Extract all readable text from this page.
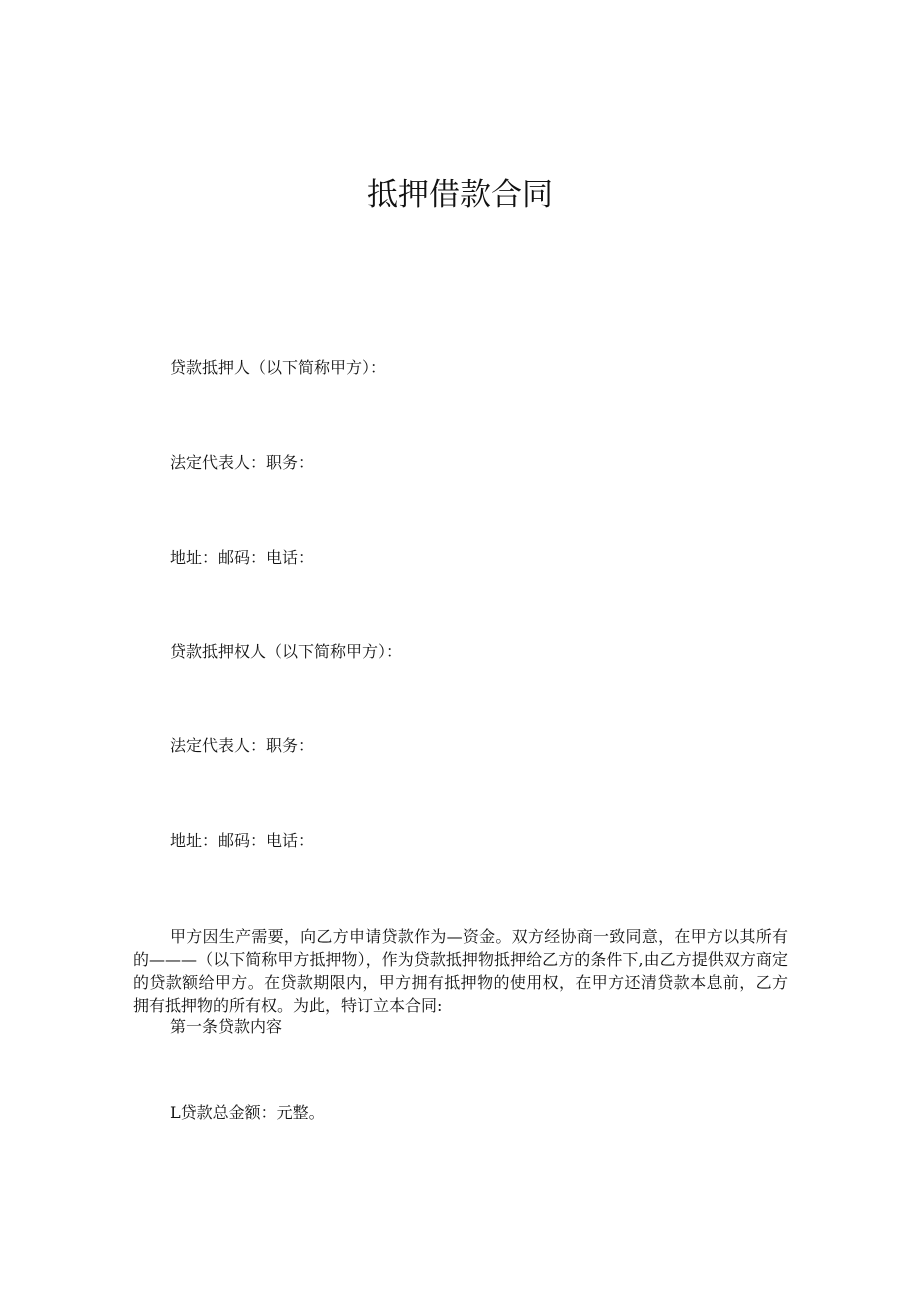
抵押借款合同

贷款抵押人（以下简称甲方）：

法定代表人：职务：

地址：邮码：电话：

贷款抵押权人（以下简称甲方）：

法定代表人：职务：

地址：邮码：电话：

甲方因生产需要，向乙方申请贷款作为—资金。双方经协商一致同意，在甲方以其所有的———（以下简称甲方抵押物），作为贷款抵押物抵押给乙方的条件下,由乙方提供双方商定的贷款额给甲方。在贷款期限内，甲方拥有抵押物的使用权，在甲方还清贷款本息前，乙方拥有抵押物的所有权。为此，特订立本合同:

第一条贷款内容

L贷款总金额：元整。
